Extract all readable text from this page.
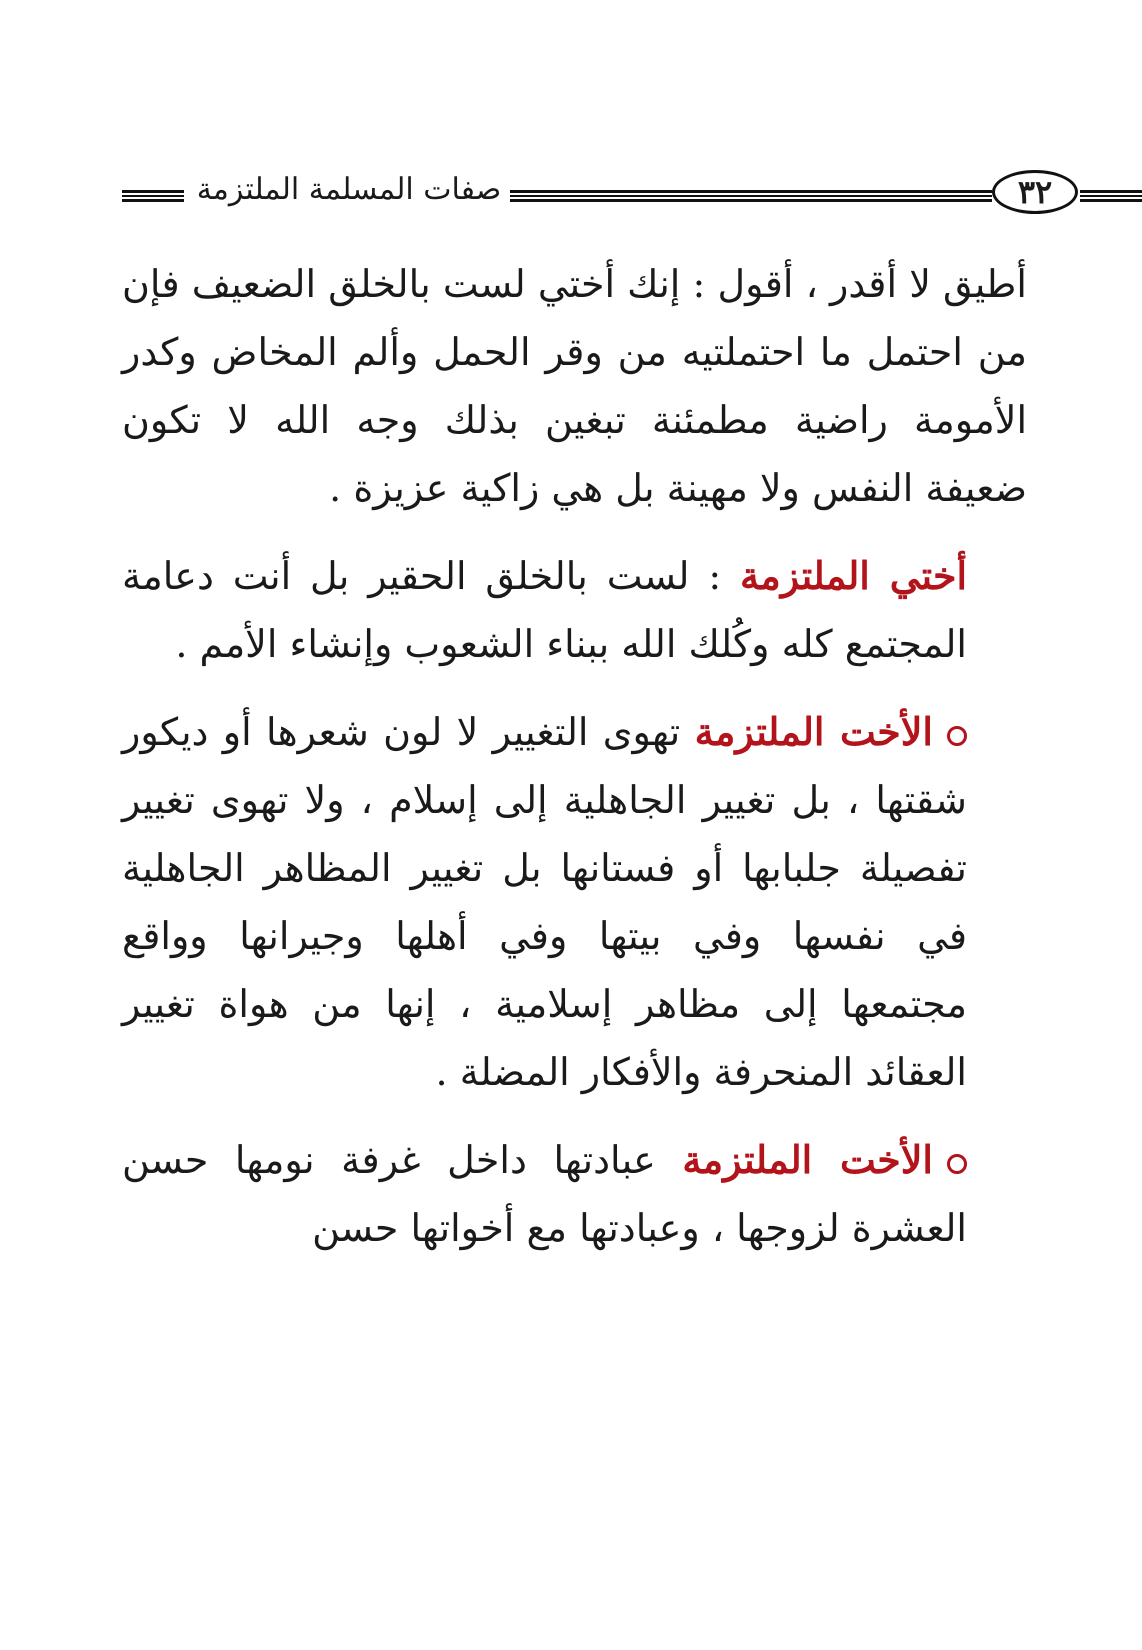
صفات المسلمة الملتزمة	٣٢

أطيق لا أقدر ، أقول : إنك أختي لست بالخلق الضعيف فإن من احتمل ما احتملتيه من وقر الحمل وألم المخاض وكدر الأمومة راضية مطمئنة تبغين بذلك وجه الله لا تكون ضعيفة النفس ولا مهينة بل هي زاكية عزيزة .

أختي الملتزمة : لست بالخلق الحقير بل أنت دعامة المجتمع كله وكُلك الله ببناء الشعوب وإنشاء الأمم .

الأخت الملتزمة تهوى التغيير لا لون شعرها أو ديكور شقتها ، بل تغيير الجاهلية إلى إسلام ، ولا تهوى تغيير تفصيلة جلبابها أو فستانها بل تغيير المظاهر الجاهلية في نفسها وفي بيتها وفي أهلها وجيرانها وواقع مجتمعها إلى مظاهر إسلامية ، إنها من هواة تغيير العقائد المنحرفة والأفكار المضلة .

الأخت الملتزمة عبادتها داخل غرفة نومها حسن العشرة لزوجها ، وعبادتها مع أخواتها حسن
